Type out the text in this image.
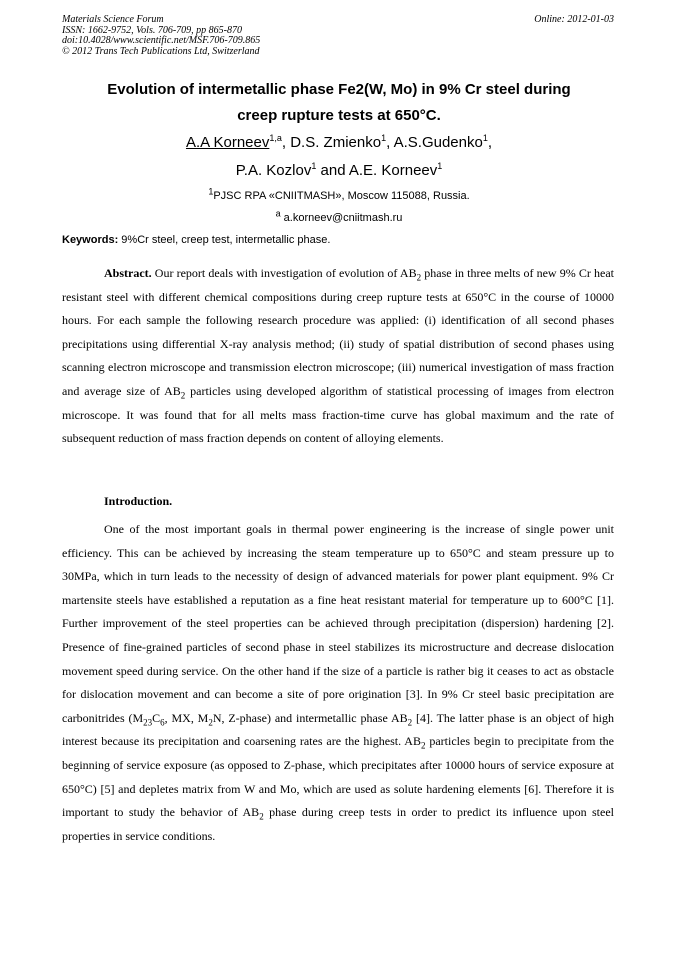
Materials Science Forum
ISSN: 1662-9752, Vols. 706-709, pp 865-870
doi:10.4028/www.scientific.net/MSF.706-709.865
© 2012 Trans Tech Publications Ltd, Switzerland
Online: 2012-01-03
Evolution of intermetallic phase Fe2(W, Mo) in 9% Cr steel during
creep rupture tests at 650°C.
A.A Korneev$^{1,a}$, D.S. Zmienko$^1$, A.S.Gudenko$^1$,
P.A. Kozlov$^1$ and A.E. Korneev$^1$
$^1$PJSC RPA «CNIITMASH», Moscow 115088, Russia.
$^a$ a.korneev@cniitmash.ru
Keywords: 9%Cr steel, creep test, intermetallic phase.
Abstract. Our report deals with investigation of evolution of $AB_2$ phase in three melts of new 9% Cr heat resistant steel with different chemical compositions during creep rupture tests at 650°C in the course of 10000 hours. For each sample the following research procedure was applied: (i) identification of all second phases precipitations using differential X-ray analysis method; (ii) study of spatial distribution of second phases using scanning electron microscope and transmission electron microscope; (iii) numerical investigation of mass fraction and average size of $AB_2$ particles using developed algorithm of statistical processing of images from electron microscope. It was found that for all melts mass fraction-time curve has global maximum and the rate of subsequent reduction of mass fraction depends on content of alloying elements.
Introduction.
One of the most important goals in thermal power engineering is the increase of single power unit efficiency. This can be achieved by increasing the steam temperature up to 650°C and steam pressure up to 30MPa, which in turn leads to the necessity of design of advanced materials for power plant equipment. 9% Cr martensite steels have established a reputation as a fine heat resistant material for temperature up to 600°C [1]. Further improvement of the steel properties can be achieved through precipitation (dispersion) hardening [2]. Presence of fine-grained particles of second phase in steel stabilizes its microstructure and decrease dislocation movement speed during service. On the other hand if the size of a particle is rather big it ceases to act as obstacle for dislocation movement and can become a site of pore origination [3]. In 9% Cr steel basic precipitation are carbonitrides ($M_{23}C_6$, MX, $M_2N$, Z-phase) and intermetallic phase $AB_2$ [4]. The latter phase is an object of high interest because its precipitation and coarsening rates are the highest. $AB_2$ particles begin to precipitate from the beginning of service exposure (as opposed to Z-phase, which precipitates after 10000 hours of service exposure at 650°C) [5] and depletes matrix from W and Mo, which are used as solute hardening elements [6]. Therefore it is important to study the behavior of $AB_2$ phase during creep tests in order to predict its influence upon steel properties in service conditions.
